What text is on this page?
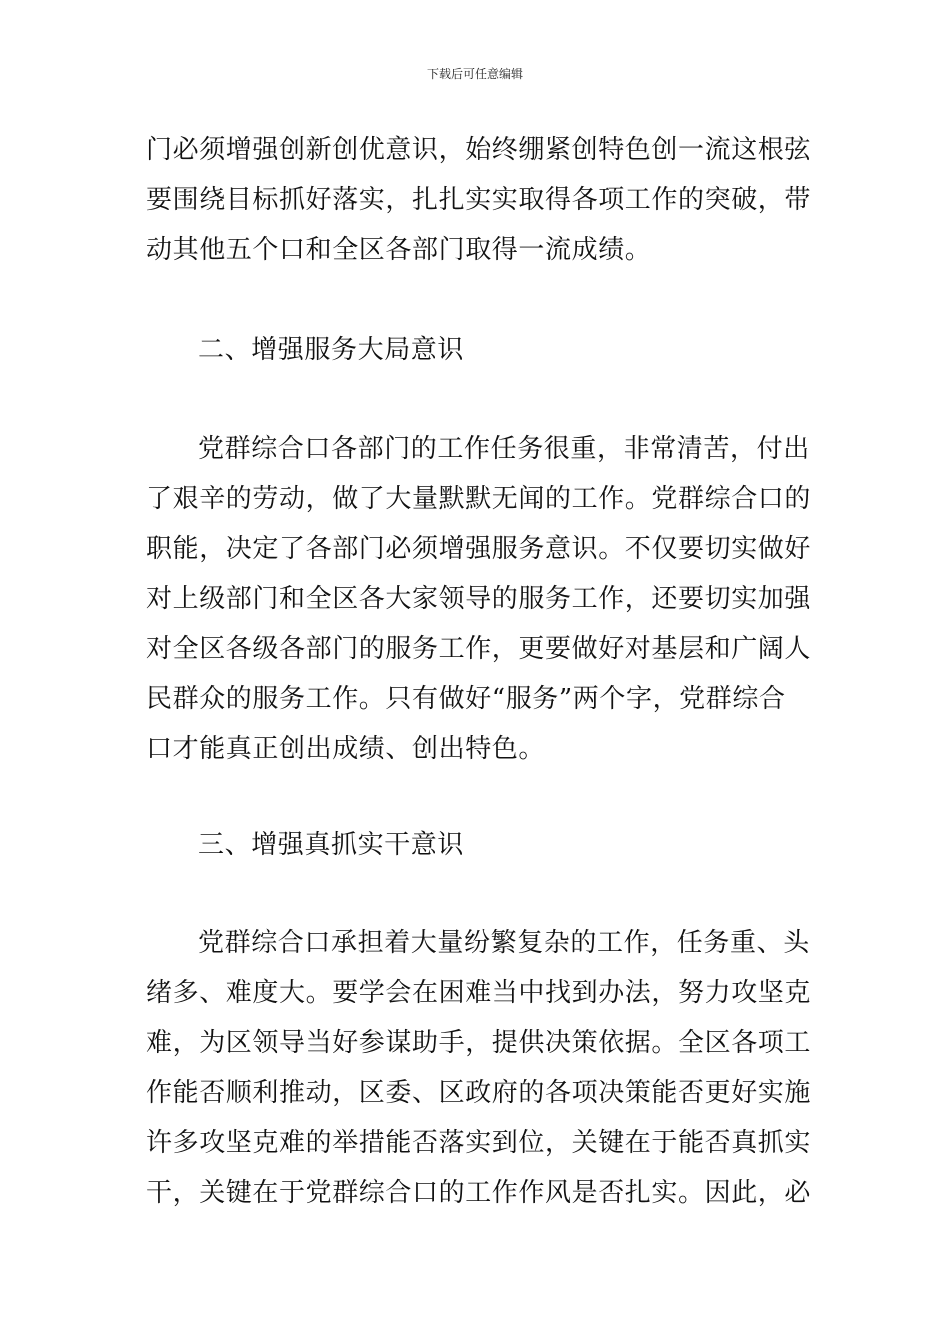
下载后可任意编辑
门必须增强创新创优意识，始终绷紧创特色创一流这根弦
要围绕目标抓好落实，扎扎实实取得各项工作的突破，带
动其他五个口和全区各部门取得一流成绩。
二、增强服务大局意识
党群综合口各部门的工作任务很重，非常清苦，付出
了艰辛的劳动，做了大量默默无闻的工作。党群综合口的
职能，决定了各部门必须增强服务意识。不仅要切实做好
对上级部门和全区各大家领导的服务工作，还要切实加强
对全区各级各部门的服务工作，更要做好对基层和广阔人
民群众的服务工作。只有做好“服务”两个字，党群综合
口才能真正创出成绩、创出特色。
三、增强真抓实干意识
党群综合口承担着大量纷繁复杂的工作，任务重、头
绪多、难度大。要学会在困难当中找到办法，努力攻坚克
难，为区领导当好参谋助手，提供决策依据。全区各项工
作能否顺利推动，区委、区政府的各项决策能否更好实施
许多攻坚克难的举措能否落实到位，关键在于能否真抓实
干，关键在于党群综合口的工作作风是否扎实。因此，必
